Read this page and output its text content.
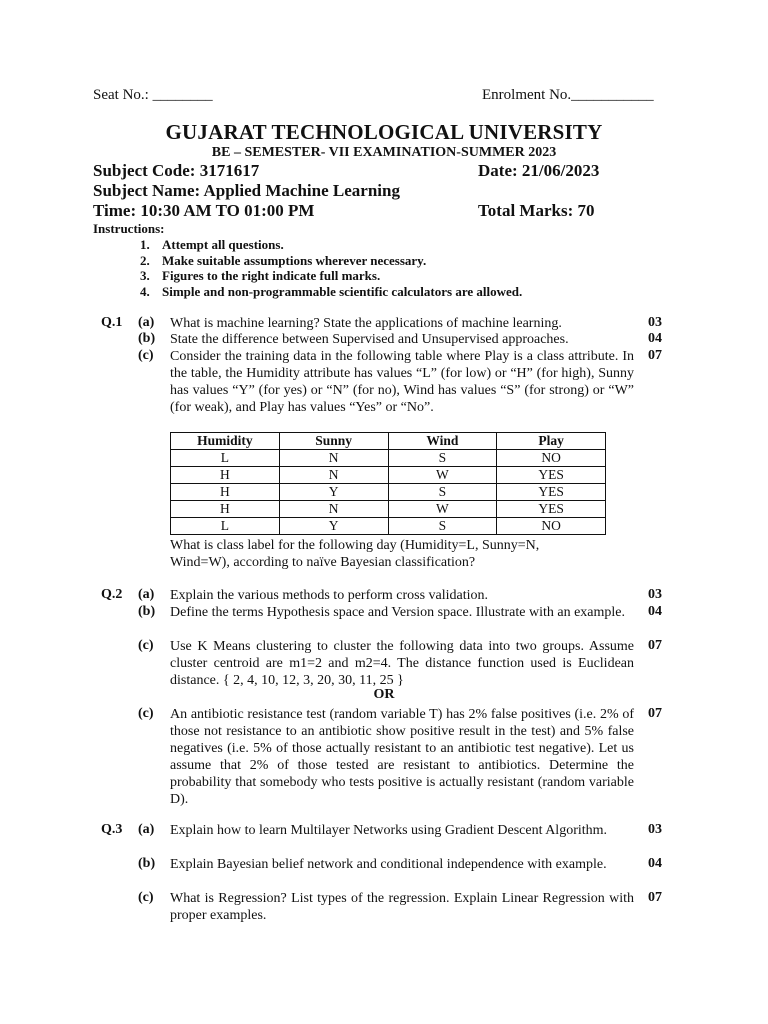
Seat No.: ________	Enrolment No.___________
GUJARAT TECHNOLOGICAL UNIVERSITY
BE – SEMESTER- VII EXAMINATION-SUMMER 2023
Subject Code: 3171617	Date: 21/06/2023
Subject Name: Applied Machine Learning
Time: 10:30 AM TO 01:00 PM	Total Marks: 70
Instructions:
1. Attempt all questions.
2. Make suitable assumptions wherever necessary.
3. Figures to the right indicate full marks.
4. Simple and non-programmable scientific calculators are allowed.
Q.1 (a) What is machine learning? State the applications of machine learning.	03
(b) State the difference between Supervised and Unsupervised approaches.	04
(c) Consider the training data in the following table where Play is a class attribute. In the table, the Humidity attribute has values “L” (for low) or “H” (for high), Sunny has values “Y” (for yes) or “N” (for no), Wind has values “S” (for strong) or “W” (for weak), and Play has values “Yes” or “No”.
07
Humidity	Sunny	Wind	Play
L	N	S	NO
H	N	W	YES
H	Y	S	YES
H	N	W	YES
L	Y	S	NO
What is class label for the following day (Humidity=L, Sunny=N, Wind=W), according to naïve Bayesian classification?
Q.2 (a) Explain the various methods to perform cross validation.	03
(b) Define the terms Hypothesis space and Version space. Illustrate with an example.	04
(c) Use K Means clustering to cluster the following data into two groups. Assume cluster centroid are m1=2 and m2=4. The distance function used is Euclidean distance. { 2, 4, 10, 12, 3, 20, 30, 11, 25 }
07
OR
(c) An antibiotic resistance test (random variable T) has 2% false positives (i.e. 2% of those not resistance to an antibiotic show positive result in the test) and 5% false negatives (i.e. 5% of those actually resistant to an antibiotic test negative). Let us assume that 2% of those tested are resistant to antibiotics. Determine the probability that somebody who tests positive is actually resistant (random variable D).
07
Q.3 (a) Explain how to learn Multilayer Networks using Gradient Descent Algorithm.	03
(b) Explain Bayesian belief network and conditional independence with example.	04
(c) What is Regression? List types of the regression. Explain Linear Regression with proper examples.
07
